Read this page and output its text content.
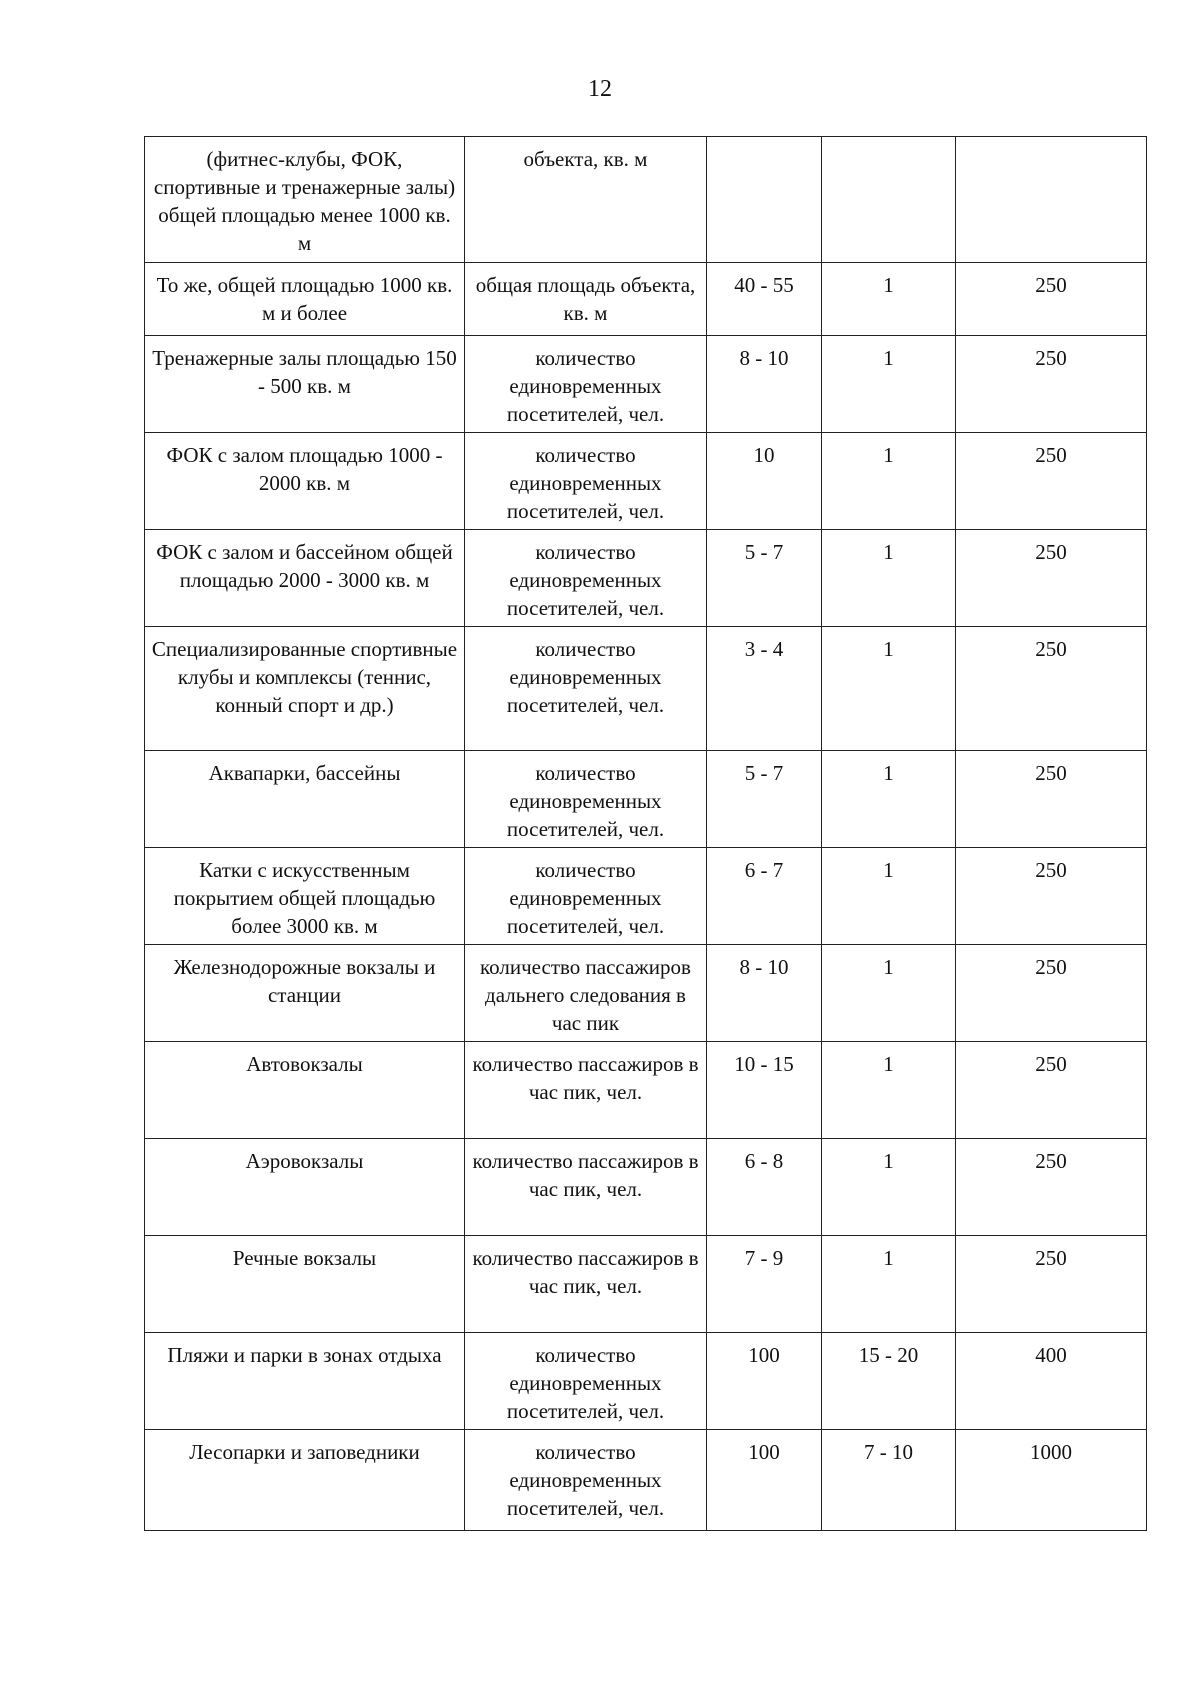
12
(фитнес-клубы, ФОК, спортивные и тренажерные залы) общей площадью менее 1000 кв. м	объекта, кв. м			
То же, общей площадью 1000 кв. м и более	общая площадь объекта, кв. м	40 - 55	1	250
Тренажерные залы площадью 150 - 500 кв. м	количество единовременных посетителей, чел.	8 - 10	1	250
ФОК с залом площадью 1000 - 2000 кв. м	количество единовременных посетителей, чел.	10	1	250
ФОК с залом и бассейном общей площадью 2000 - 3000 кв. м	количество единовременных посетителей, чел.	5 - 7	1	250
Специализированные спортивные клубы и комплексы (теннис, конный спорт и др.)	количество единовременных посетителей, чел.	3 - 4	1	250
Аквапарки, бассейны	количество единовременных посетителей, чел.	5 - 7	1	250
Катки с искусственным покрытием общей площадью более 3000 кв. м	количество единовременных посетителей, чел.	6 - 7	1	250
Железнодорожные вокзалы и станции	количество пассажиров дальнего следования в час пик	8 - 10	1	250
Автовокзалы	количество пассажиров в час пик, чел.	10 - 15	1	250
Аэровокзалы	количество пассажиров в час пик, чел.	6 - 8	1	250
Речные вокзалы	количество пассажиров в час пик, чел.	7 - 9	1	250
Пляжи и парки в зонах отдыха	количество единовременных посетителей, чел.	100	15 - 20	400
Лесопарки и заповедники	количество единовременных посетителей, чел.	100	7 - 10	1000
